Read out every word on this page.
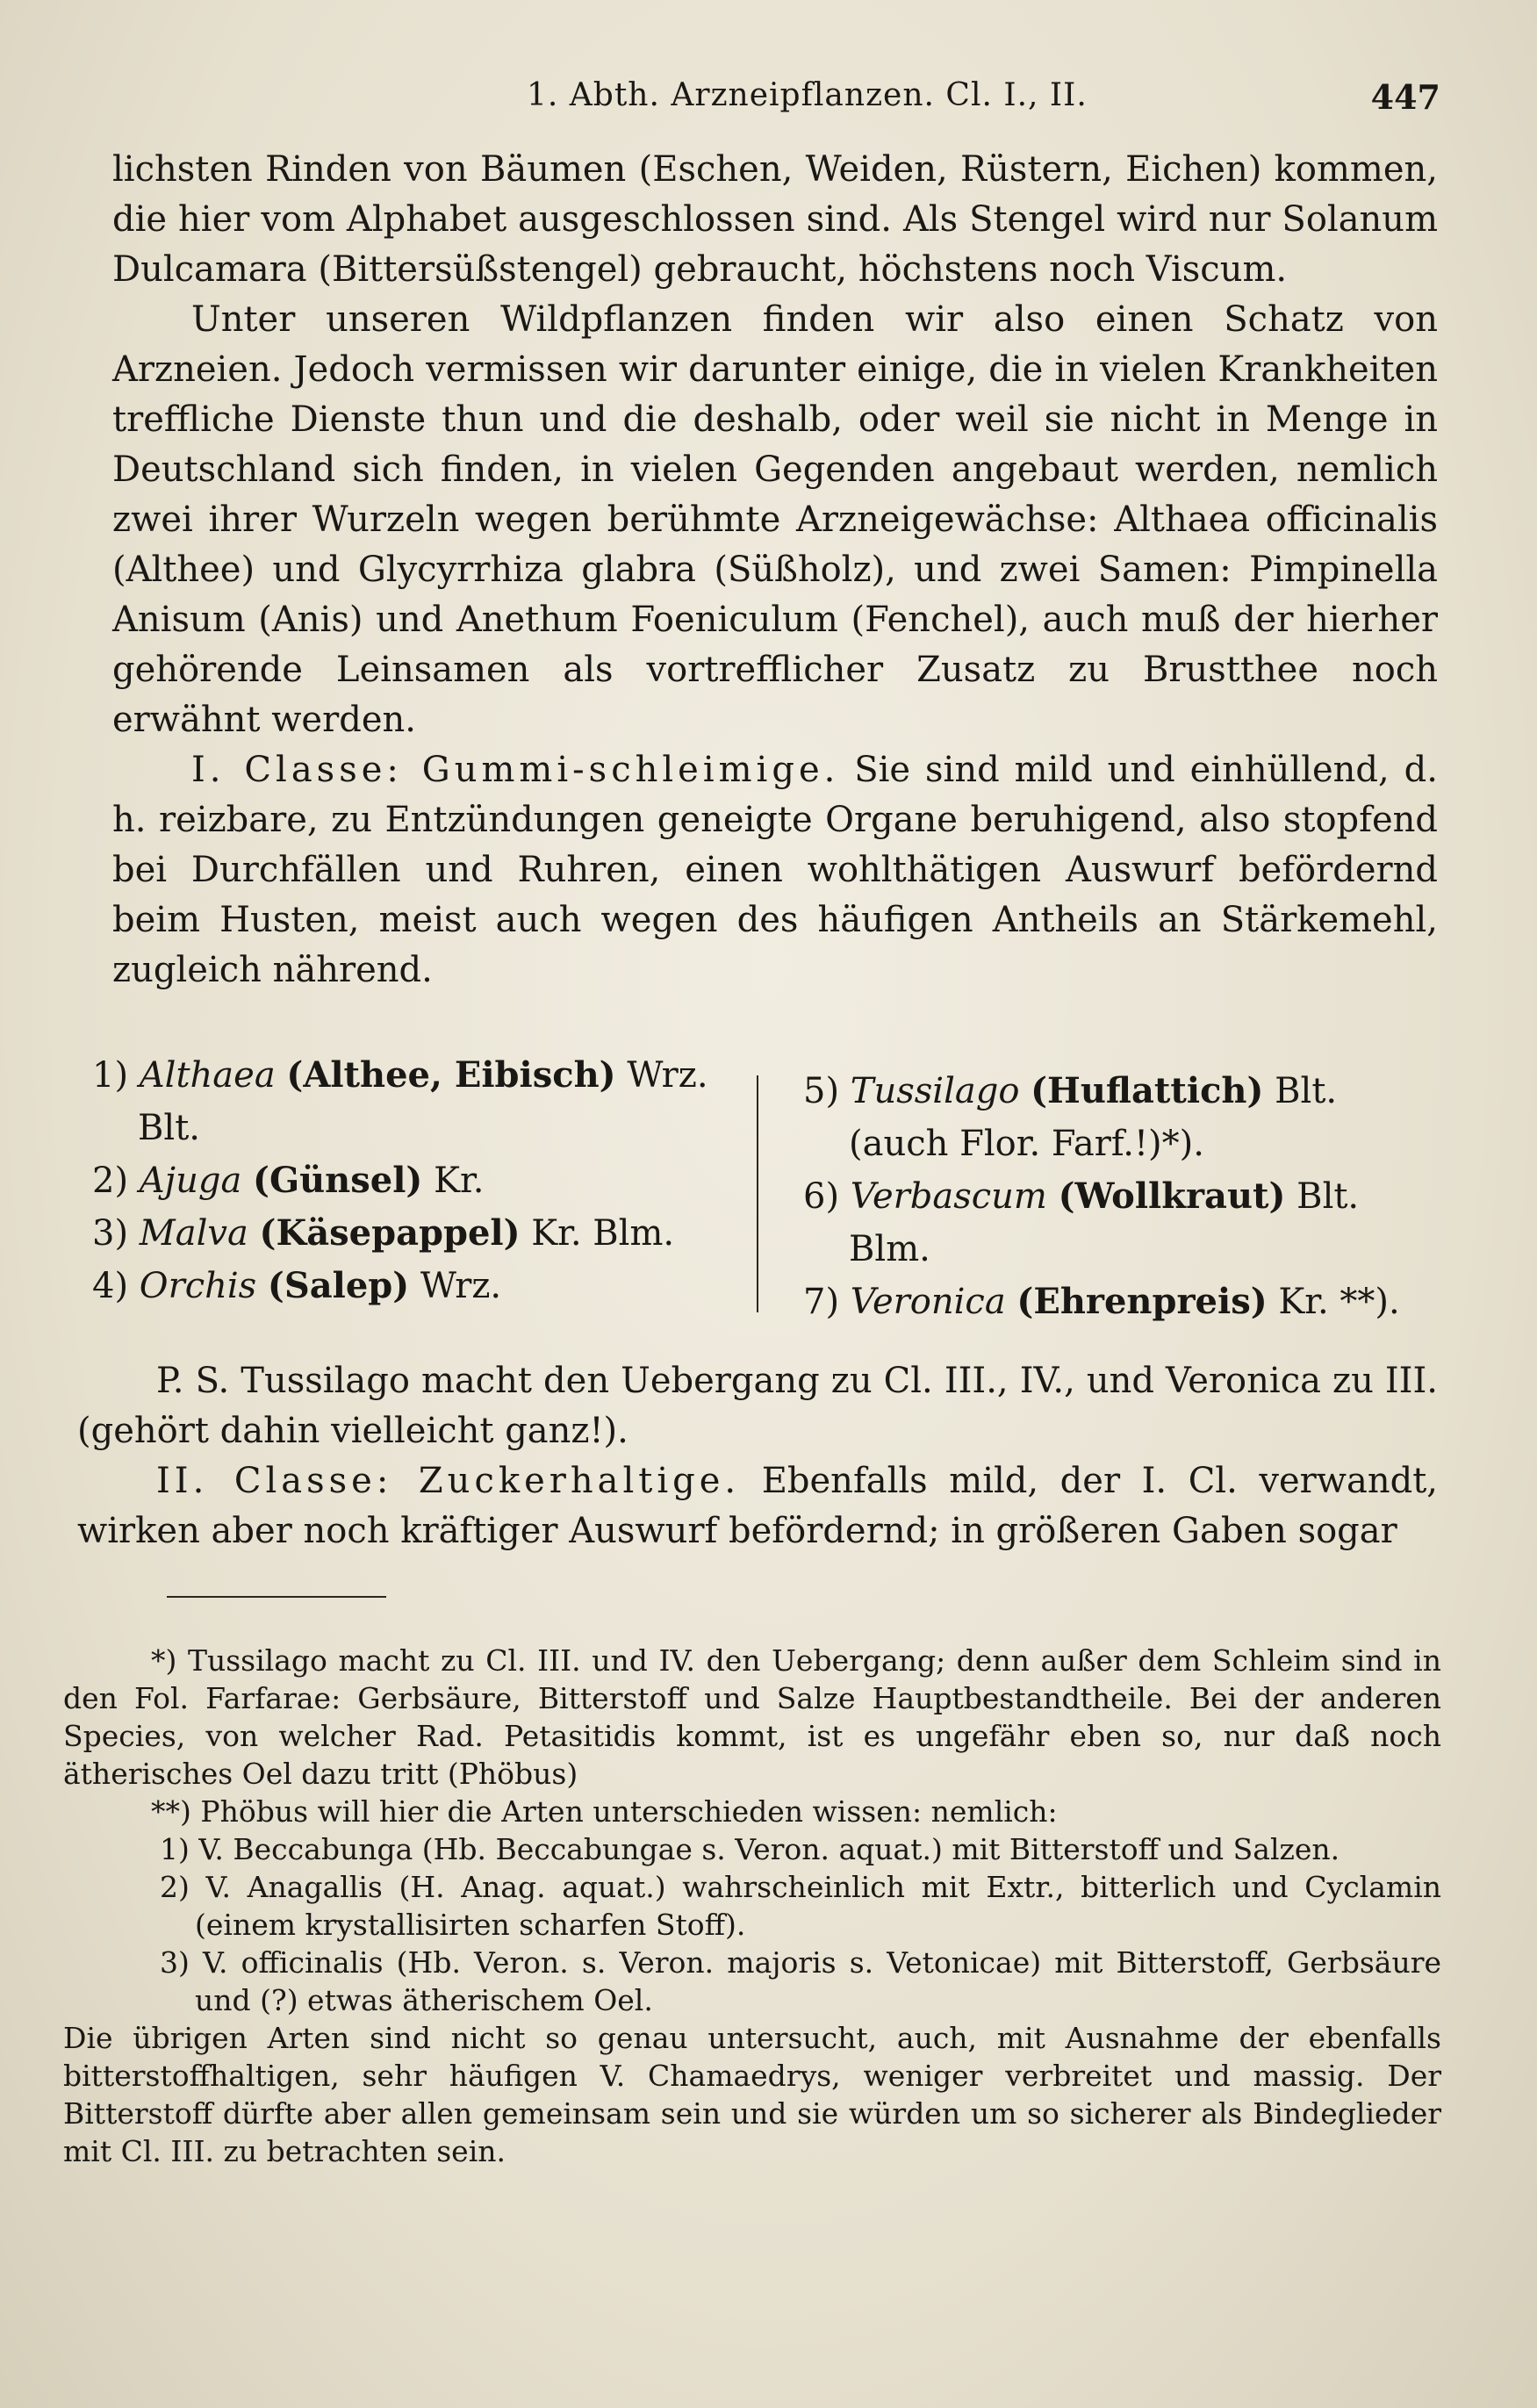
1. Abth. Arzneipflanzen. Cl. I., II.	447

lichsten Rinden von Bäumen (Eschen, Weiden, Rüstern, Eichen) kommen, die hier vom Alphabet ausgeschlossen sind. Als Stengel wird nur Solanum Dulcamara (Bittersüßstengel) gebraucht, höchstens noch Viscum.

Unter unseren Wildpflanzen finden wir also einen Schatz von Arzneien. Jedoch vermissen wir darunter einige, die in vielen Krankheiten treffliche Dienste thun und die deshalb, oder weil sie nicht in Menge in Deutschland sich finden, in vielen Gegenden angebaut werden, nemlich zwei ihrer Wurzeln wegen berühmte Arzneigewächse: Althaea officinalis (Althee) und Glycyrrhiza glabra (Süßholz), und zwei Samen: Pimpinella Anisum (Anis) und Anethum Foeniculum (Fenchel), auch muß der hierher gehörende Leinsamen als vortrefflicher Zusatz zu Brustthee noch erwähnt werden.

I. Classe: Gummi-schleimige. Sie sind mild und einhüllend, d. h. reizbare, zu Entzündungen geneigte Organe beruhigend, also stopfend bei Durchfällen und Ruhren, einen wohlthätigen Auswurf befördernd beim Husten, meist auch wegen des häufigen Antheils an Stärkemehl, zugleich nährend.

1) Althaea (Althee, Eibisch) Wrz.

Blt.

2) Ajuga (Günsel) Kr.

3) Malva (Käsepappel) Kr. Blm.

4) Orchis (Salep) Wrz.

5) Tussilago (Huflattich) Blt.

(auch Flor. Farf.!)*).

6) Verbascum (Wollkraut) Blt.

Blm.

7) Veronica (Ehrenpreis) Kr. **).

P. S. Tussilago macht den Uebergang zu Cl. III., IV., und Veronica zu III. (gehört dahin vielleicht ganz!).

II. Classe: Zuckerhaltige. Ebenfalls mild, der I. Cl. verwandt, wirken aber noch kräftiger Auswurf befördernd; in größeren Gaben sogar

*) Tussilago macht zu Cl. III. und IV. den Uebergang; denn außer dem Schleim sind in den Fol. Farfarae: Gerbsäure, Bitterstoff und Salze Hauptbestandtheile. Bei der anderen Species, von welcher Rad. Petasitidis kommt, ist es ungefähr eben so, nur daß noch ätherisches Oel dazu tritt (Phöbus)

**) Phöbus will hier die Arten unterschieden wissen: nemlich:

1) V. Beccabunga (Hb. Beccabungae s. Veron. aquat.) mit Bitterstoff und Salzen.

2) V. Anagallis (H. Anag. aquat.) wahrscheinlich mit Extr., bitterlich und Cyclamin (einem krystallisirten scharfen Stoff).

3) V. officinalis (Hb. Veron. s. Veron. majoris s. Vetonicae) mit Bitterstoff, Gerbsäure und (?) etwas ätherischem Oel.

Die übrigen Arten sind nicht so genau untersucht, auch, mit Ausnahme der ebenfalls bitterstoffhaltigen, sehr häufigen V. Chamaedrys, weniger verbreitet und massig. Der Bitterstoff dürfte aber allen gemeinsam sein und sie würden um so sicherer als Bindeglieder mit Cl. III. zu betrachten sein.
